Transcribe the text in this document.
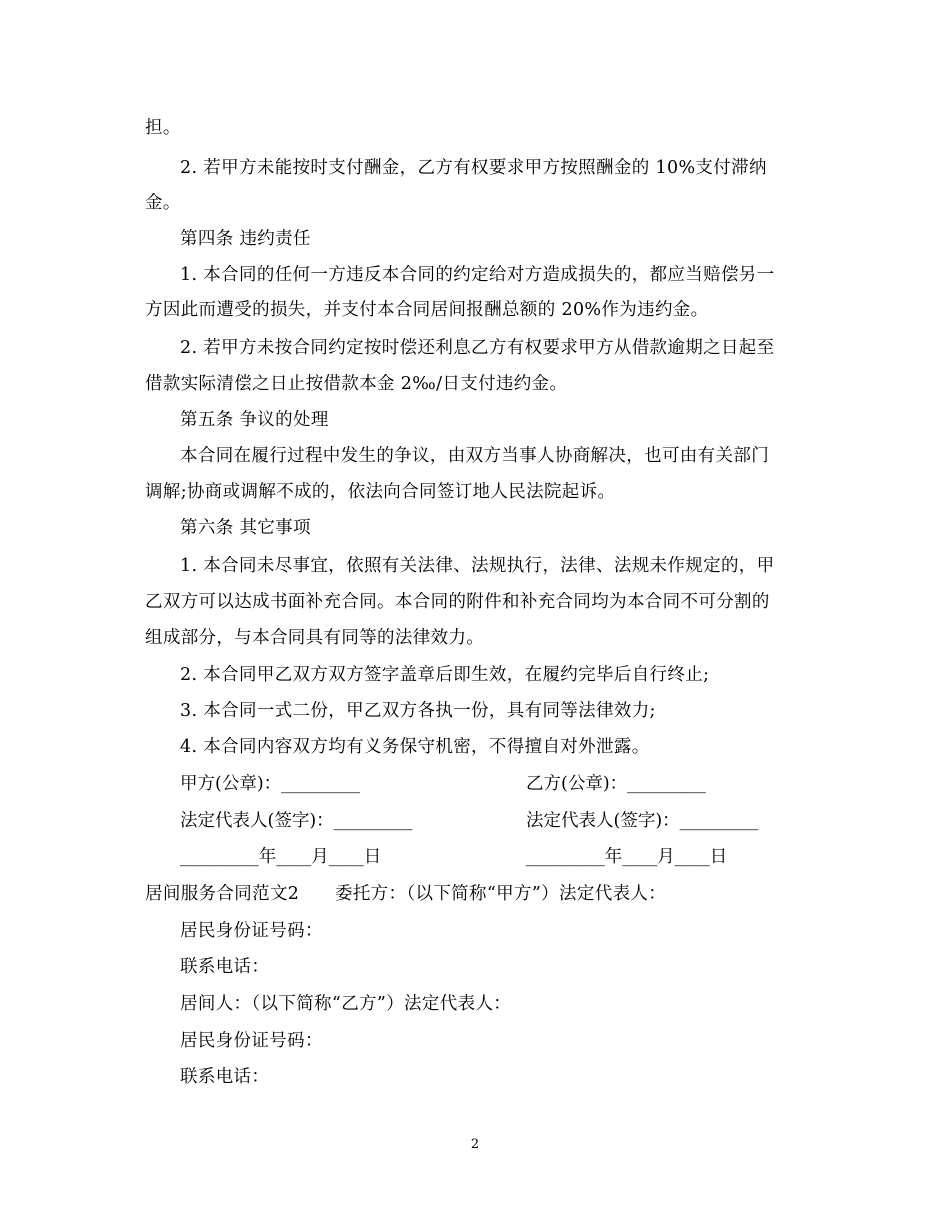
担。
2. 若甲方未能按时支付酬金，乙方有权要求甲方按照酬金的 10%支付滞纳
金。
第四条 违约责任
1. 本合同的任何一方违反本合同的约定给对方造成损失的，都应当赔偿另一
方因此而遭受的损失，并支付本合同居间报酬总额的 20%作为违约金。
2. 若甲方未按合同约定按时偿还利息乙方有权要求甲方从借款逾期之日起至
借款实际清偿之日止按借款本金 2‰/日支付违约金。
第五条 争议的处理
本合同在履行过程中发生的争议，由双方当事人协商解决，也可由有关部门
调解;协商或调解不成的，依法向合同签订地人民法院起诉。
第六条 其它事项
1. 本合同未尽事宜，依照有关法律、法规执行，法律、法规未作规定的，甲
乙双方可以达成书面补充合同。本合同的附件和补充合同均为本合同不可分割的
组成部分，与本合同具有同等的法律效力。
2. 本合同甲乙双方双方签字盖章后即生效，在履约完毕后自行终止;
3. 本合同一式二份，甲乙双方各执一份，具有同等法律效力;
4. 本合同内容双方均有义务保守机密，不得擅自对外泄露。
甲方(公章)：_________	乙方(公章)：_________
法定代表人(签字)：_________	法定代表人(签字)：_________
_________年____月____日	_________年____月____日
居间服务合同范文2　　委托方：（以下简称“甲方”）法定代表人：
居民身份证号码：
联系电话：
居间人：（以下简称“乙方”）法定代表人：
居民身份证号码：
联系电话：
2
